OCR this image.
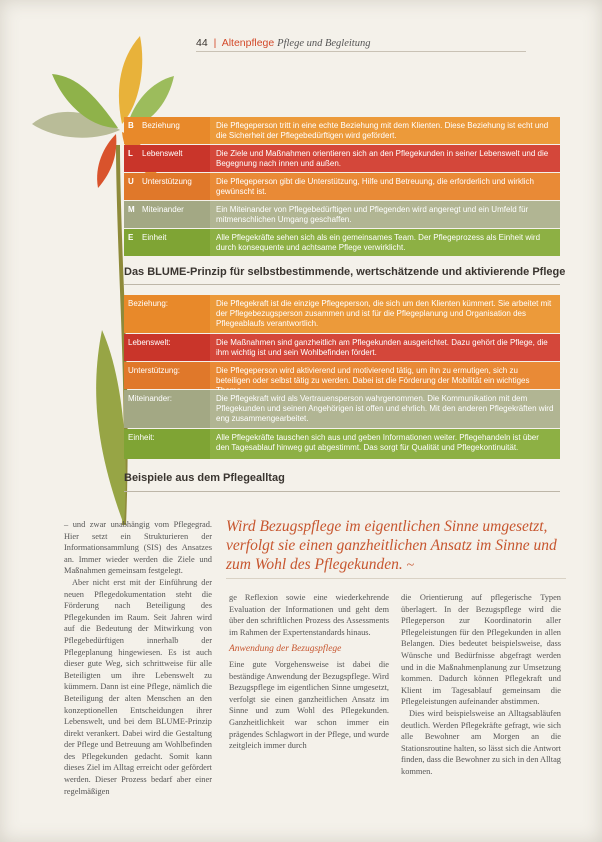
44 | Altenpflege Pflege und Begleitung
B Beziehung	Die Pflegeperson tritt in eine echte Beziehung mit dem Klienten. Diese Beziehung ist echt und die Sicherheit der Pflegebedürftigen wird gefördert.
L Lebenswelt	Die Ziele und Maßnahmen orientieren sich an den Pflegekunden in seiner Lebenswelt und die Begegnung nach innen und außen.
U Unterstützung	Die Pflegeperson gibt die Unterstützung, Hilfe und Betreuung, die erforderlich und wirklich gewünscht ist.
M Miteinander	Ein Miteinander von Pflegebedürftigen und Pflegenden wird angeregt und ein Umfeld für mitmenschlichen Umgang geschaffen.
E Einheit	Alle Pflegekräfte sehen sich als ein gemeinsames Team. Der Pflegeprozess als Einheit wird durch konsequente und achtsame Pflege verwirklicht.
Das BLUME-Prinzip für selbstbestimmende, wertschätzende und aktivierende Pflege
Beziehung:	Die Pflegekraft ist die einzige Pflegeperson, die sich um den Klienten kümmert. Sie arbeitet mit der Pflegebezugsperson zusammen und ist für die Pflegeplanung und Organisation des Pflegeablaufs verantwortlich.
Lebenswelt:	Die Maßnahmen sind ganzheitlich am Pflegekunden ausgerichtet. Dazu gehört die Pflege, die ihm wichtig ist und sein Wohlbefinden fördert.
Unterstützung:	Die Pflegeperson wird aktivierend und motivierend tätig, um ihn zu ermutigen, sich zu beteiligen oder selbst tätig zu werden. Dabei ist die Förderung der Mobilität ein wichtiges
Miteinander:	Die Pflegekraft wird als Vertrauensperson wahrgenommen. Die Kommunikation mit dem Pflegekunden und seinen Angehörigen ist offen und ehrlich. Mit den anderen Pflegekräften wird eng zusammengearbeitet.
Einheit:	Alle Pflegekräfte tauschen sich aus und geben Informationen weiter. Pflegehandeln ist über den Tagesablauf hinweg gut abgestimmt. Das sorgt für Qualität und Pflegekontinuität.
Beispiele aus dem Pflegealltag
Wird Bezugspflege im eigentlichen Sinne umgesetzt, verfolgt sie einen ganzheitlichen Ansatz im Sinne und zum Wohl des Pflegekunden. ~

– und zwar unabhängig vom Pflegegrad. Hier setzt ein Strukturieren der Informationsammlung (SIS) des Ansatzes an. Immer wieder werden die Ziele und Maßnahmen gemeinsam festgelegt.

Aber nicht erst mit der Einführung der neuen Pflegedokumentation steht die Förderung nach Beteiligung des Pflegekunden im Raum. Seit Jahren wird auf die Bedeutung der Mitwirkung von Pflegebedürftigen innerhalb der Pflegeplanung hingewiesen. Es ist auch dieser gute Weg, sich schrittweise für alle Beteiligten um ihre Lebenswelt zu kümmern. Dann ist eine Pflege, nämlich die Beteiligung der alten Menschen an den konzeptionellen Entscheidungen ihrer Lebenswelt, und bei dem BLUME-Prinzip direkt verankert. Dabei wird die Gestaltung der Pflege und Betreuung am Wohlbefinden des Pflegekunden gedacht. Somit kann dieses Ziel im Alltag erreicht oder gefördert werden. Dieser Prozess bedarf aber einer regelmäßigen

ge Reflexion sowie eine wiederkehrende Evaluation der Informationen und geht dem über den schriftlichen Prozess des Assessments im Rahmen der Expertenstandards hinaus.

Anwendung der Bezugspflege

Eine gute Vorgehensweise ist dabei die beständige Anwendung der Bezugspflege. Wird Bezugspflege im eigentlichen Sinne umgesetzt, verfolgt sie einen ganzheitlichen Ansatz im Sinne und zum Wohl des Pflegekunden. Ganzheitlichkeit war schon immer ein prägendes Schlagwort in der Pflege, und wurde zeitgleich immer durch

die Orientierung auf pflegerische Typen überlagert. In der Bezugspflege wird die Pflegeperson zur Koordinatorin aller Pflegeleistungen für den Pflegekunden in allen Belangen. Dies bedeutet beispielsweise, dass Wünsche und Bedürfnisse abgefragt werden und in die Maßnahmenplanung zur Umsetzung kommen. Dadurch können Pflegekraft und Klient im Tagesablauf gemeinsam die Pflegeleistungen aufeinander abstimmen.

Dies wird beispielsweise an Alltagsabläufen deutlich. Werden Pflegekräfte gefragt, wie sich alle Bewohner am Morgen an die Stationsroutine halten, so lässt sich die Antwort finden, dass die Bewohner zu sich in den Alltag kommen.
